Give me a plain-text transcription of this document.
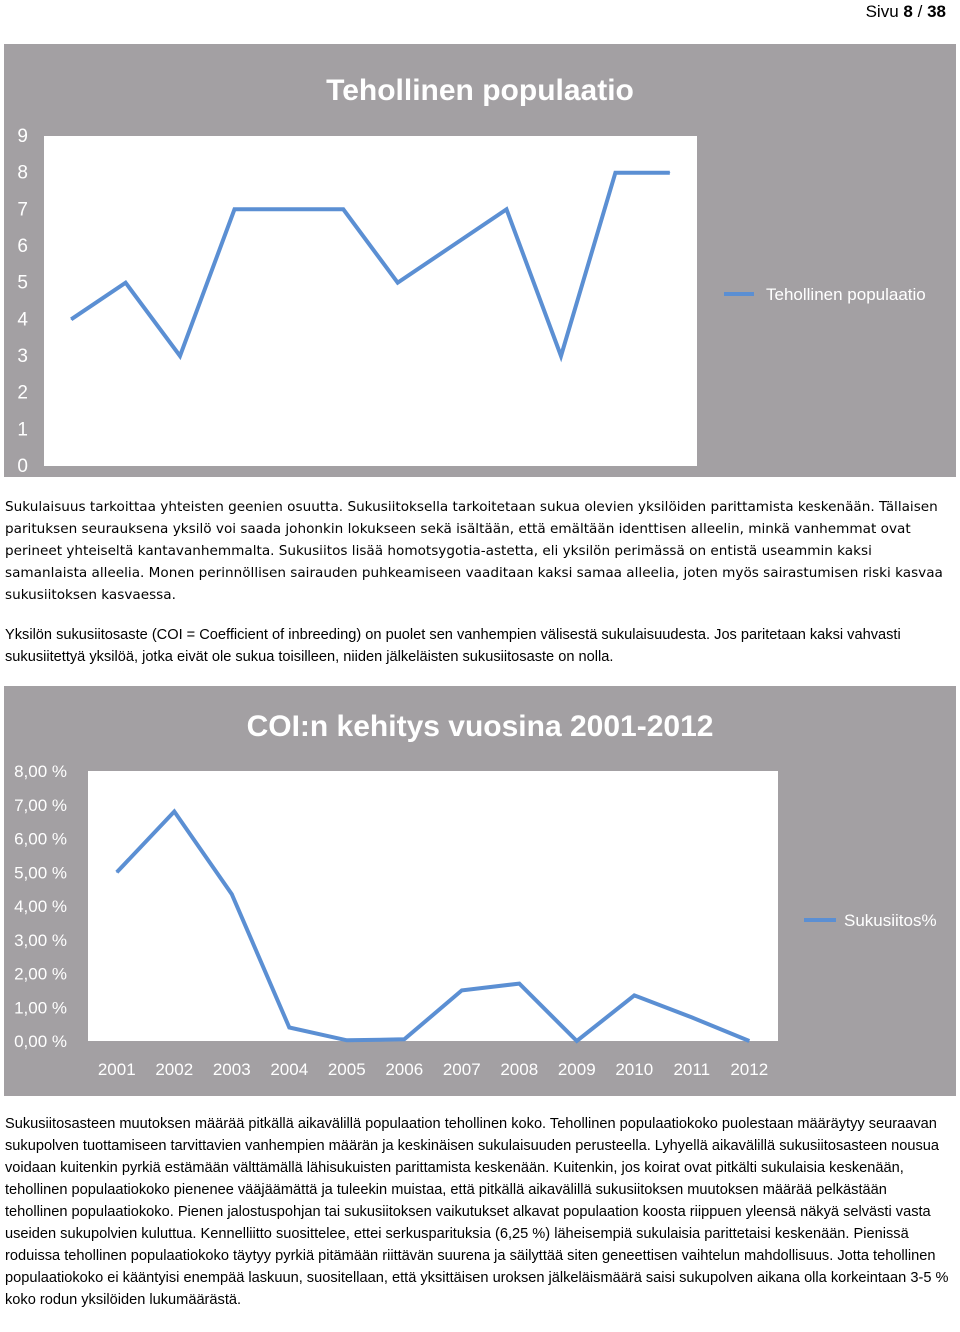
Sivu 8 / 38
Tehollinen populaatio
0
1
2
3
4
5
6
7
8
9
2001 2002 2003 2004 2005 2006 2007 2008 2009 2010 2011 2012
Tehollinen populaatio

Sukulaisuus tarkoittaa yhteisten geenien osuutta. Sukusiitoksella tarkoitetaan sukua olevien yksilöiden parittamista keskenään. Tällaisen parituksen seurauksena yksilö voi saada johonkin lokukseen sekä isältään, että emältään identtisen alleelin, minkä vanhemmat ovat perineet yhteiseltä kantavanhemmalta. Sukusiitos lisää homotsygotia-astetta, eli yksilön perimässä on entistä useammin kaksi samanlaista alleelia. Monen perinnöllisen sairauden puhkeamiseen vaaditaan kaksi samaa alleelia, joten myös sairastumisen riski kasvaa sukusiitoksen kasvaessa.

Yksilön sukusiitosaste (COI = Coefficient of inbreeding) on puolet sen vanhempien välisestä sukulaisuudesta. Jos paritetaan kaksi vahvasti sukusiitettyä yksilöä, jotka eivät ole sukua toisilleen, niiden jälkeläisten sukusiitosaste on nolla.

COI:n kehitys vuosina 2001-2012
0,00 %
1,00 %
2,00 %
3,00 %
4,00 %
5,00 %
6,00 %
7,00 %
8,00 %
2001 2002 2003 2004 2005 2006 2007 2008 2009 2010 2011 2012
Sukusiitos%

Sukusiitosasteen muutoksen määrää pitkällä aikavälillä populaation tehollinen koko. Tehollinen populaatiokoko puolestaan määräytyy seuraavan sukupolven tuottamiseen tarvittavien vanhempien määrän ja keskinäisen sukulaisuuden perusteella. Lyhyellä aikavälillä sukusiitosasteen nousua voidaan kuitenkin pyrkiä estämään välttämällä lähisukuisten parittamista keskenään. Kuitenkin, jos koirat ovat pitkälti sukulaisia keskenään, tehollinen populaatiokoko pienenee vääjäämättä ja tuleekin muistaa, että pitkällä aikavälillä sukusiitoksen muutoksen määrää pelkästään tehollinen populaatiokoko. Pienen jalostuspohjan tai sukusiitoksen vaikutukset alkavat populaation koosta riippuen yleensä näkyä selvästi vasta useiden sukupolvien kuluttua. Kennelliitto suosittelee, ettei serkusparituksia (6,25 %) läheisempiä sukulaisia parittetaisi keskenään. Pienissä roduissa tehollinen populaatiokoko täytyy pyrkiä pitämään riittävän suurena ja säilyttää siten geneettisen vaihtelun mahdollisuus. Jotta tehollinen populaatiokoko ei kääntyisi enempää laskuun, suositellaan, että yksittäisen uroksen jälkeläismäärä saisi sukupolven aikana olla korkeintaan 3-5 % koko rodun yksilöiden lukumäärästä.
